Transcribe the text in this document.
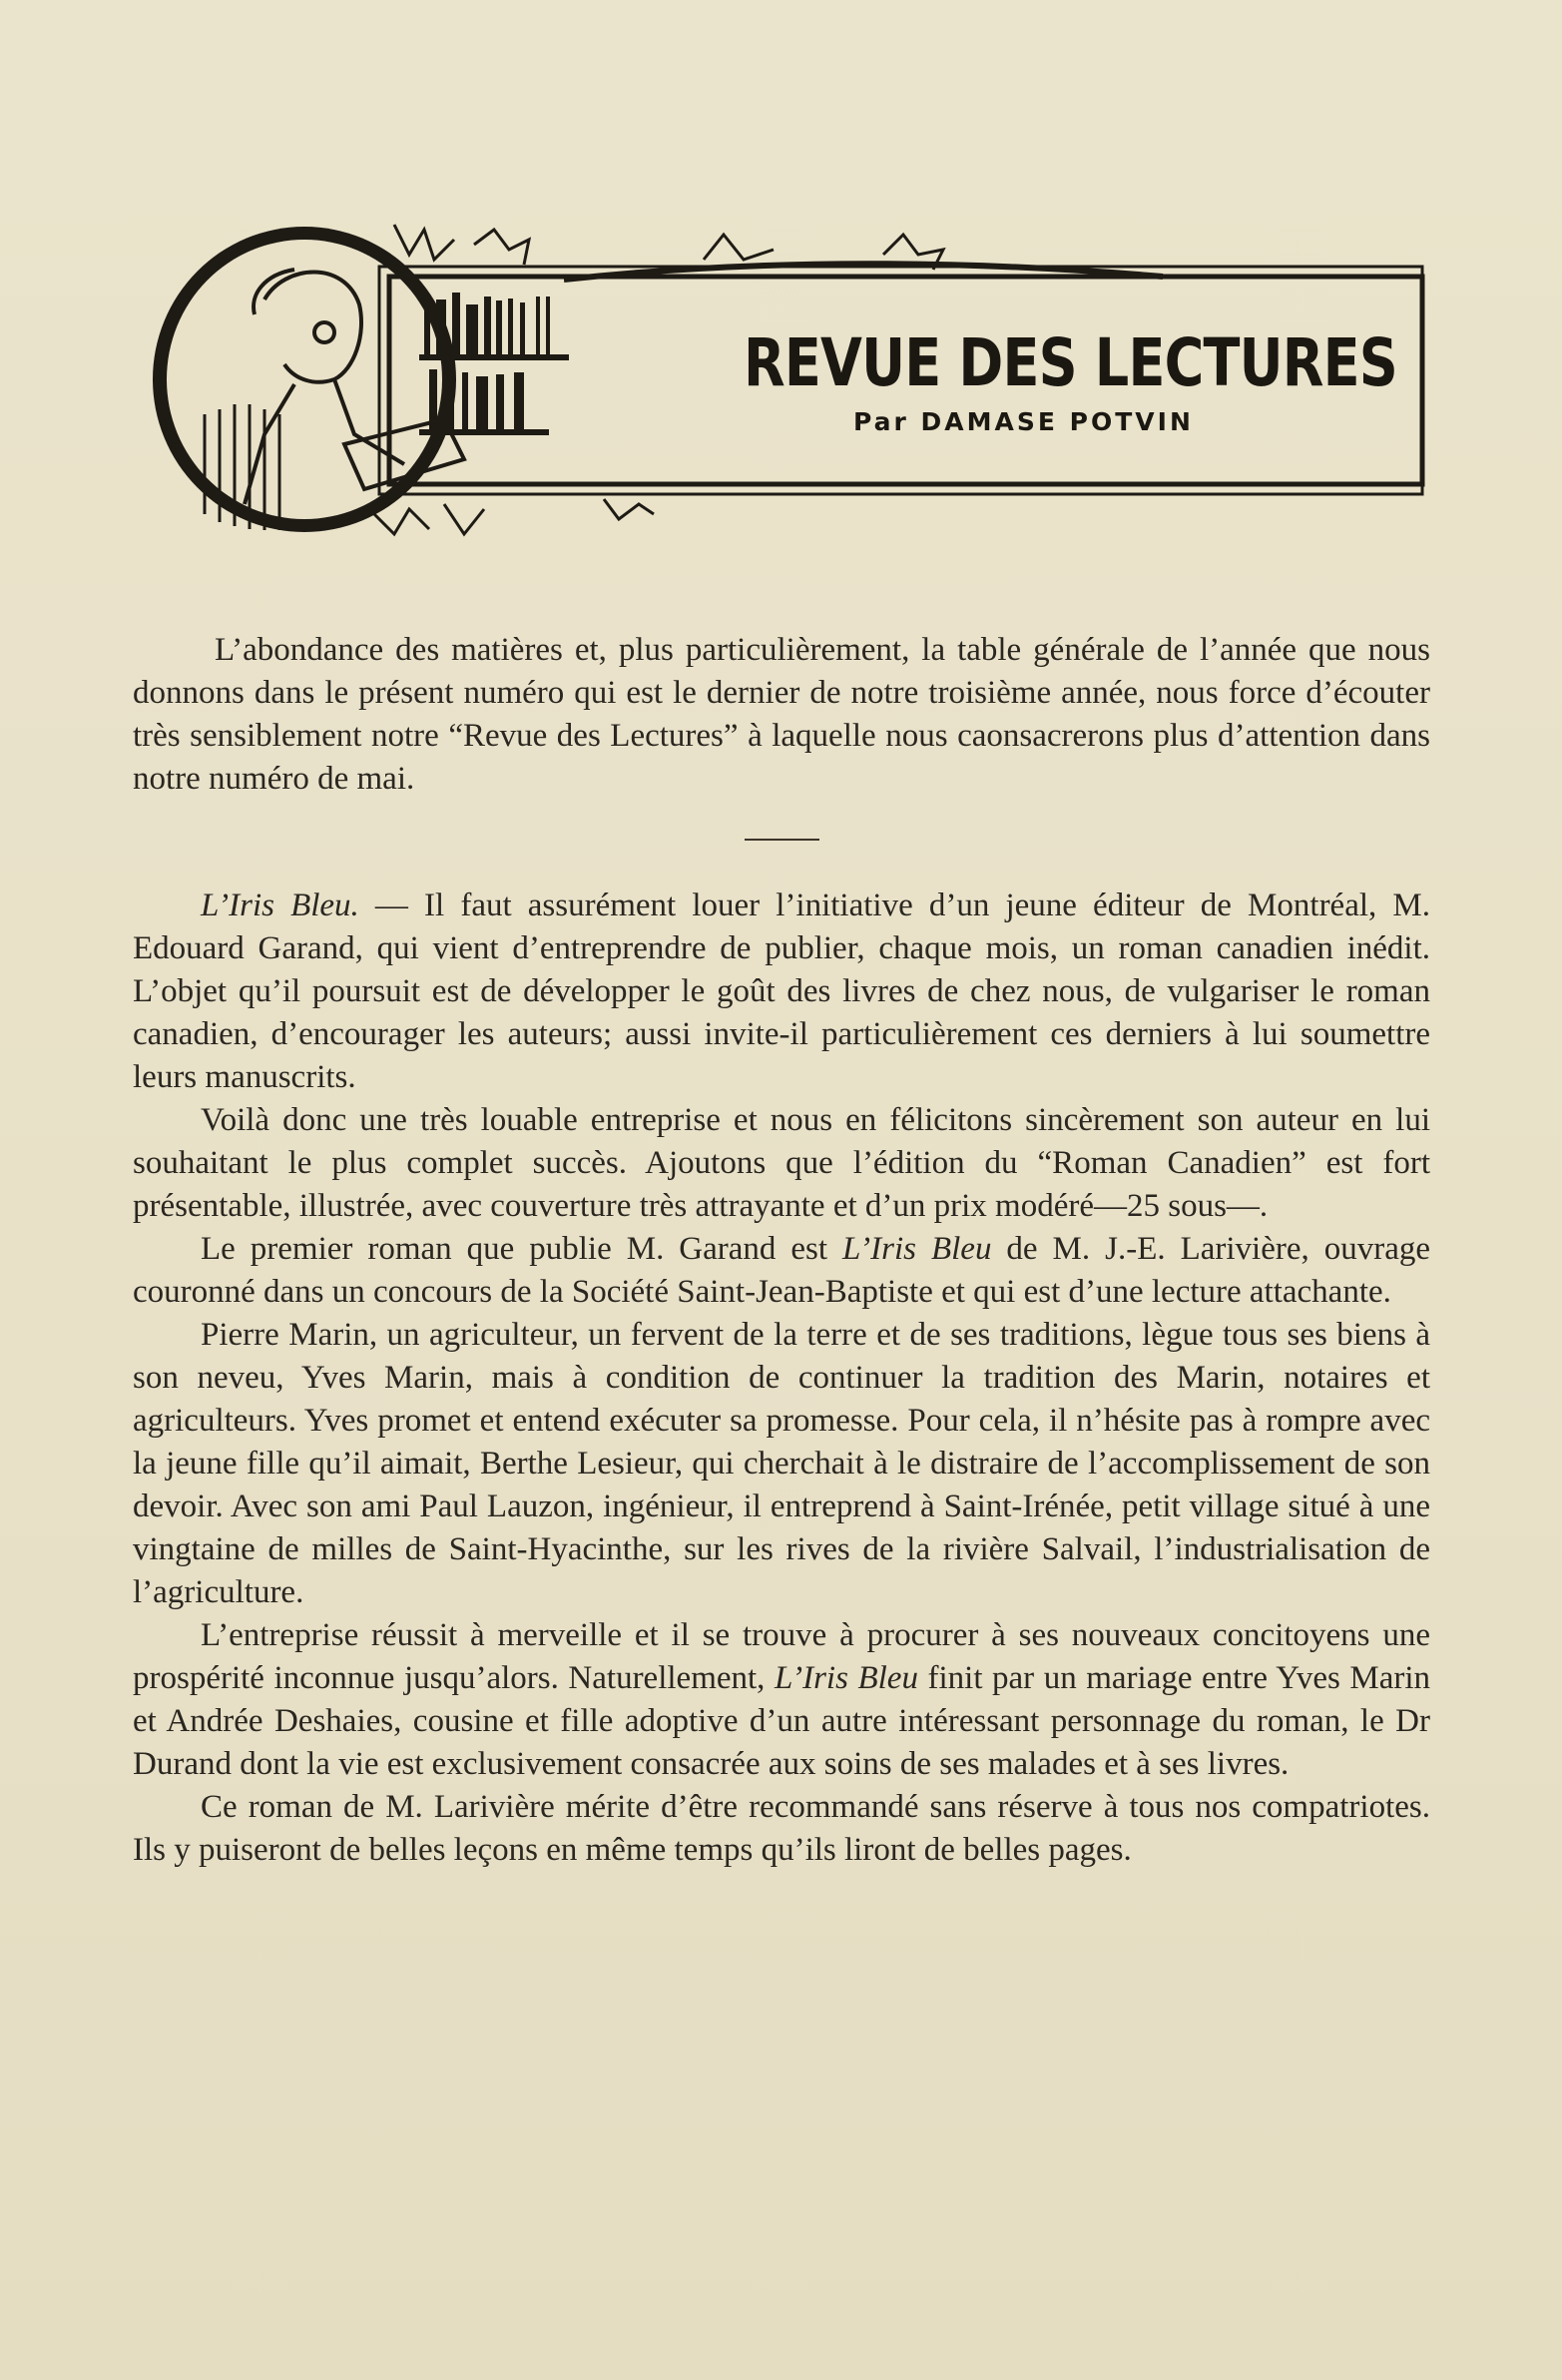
REVUE DES LECTURES
Par DAMASE POTVIN

L’abondance des matières et, plus particulièrement, la table générale de l’année que nous donnons dans le présent numéro qui est le dernier de notre troisième année, nous force d’écouter très sensiblement notre “Revue des Lectures” à laquelle nous caonsacrerons plus d’attention dans notre numéro de mai.

L’Iris Bleu. — Il faut assurément louer l’initiative d’un jeune éditeur de Montréal, M. Edouard Garand, qui vient d’entreprendre de publier, chaque mois, un roman canadien inédit. L’objet qu’il poursuit est de développer le goût des livres de chez nous, de vulgariser le roman canadien, d’encourager les auteurs; aussi invite-il particulièrement ces derniers à lui soumettre leurs manuscrits.

Voilà donc une très louable entreprise et nous en félicitons sincèrement son auteur en lui souhaitant le plus complet succès. Ajoutons que l’édition du “Roman Canadien” est fort présentable, illustrée, avec couverture très attrayante et d’un prix modéré—25 sous—.

Le premier roman que publie M. Garand est L’Iris Bleu de M. J.-E. Larivière, ouvrage couronné dans un concours de la Société Saint-Jean-Baptiste et qui est d’une lecture attachante.

Pierre Marin, un agriculteur, un fervent de la terre et de ses traditions, lègue tous ses biens à son neveu, Yves Marin, mais à condition de continuer la tradition des Marin, notaires et agriculteurs. Yves promet et entend exécuter sa promesse. Pour cela, il n’hésite pas à rompre avec la jeune fille qu’il aimait, Berthe Lesieur, qui cherchait à le distraire de l’accomplissement de son devoir. Avec son ami Paul Lauzon, ingénieur, il entreprend à Saint-Irénée, petit village situé à une vingtaine de milles de Saint-Hyacinthe, sur les rives de la rivière Salvail, l’industrialisation de l’agriculture.

L’entreprise réussit à merveille et il se trouve à procurer à ses nouveaux concitoyens une prospérité inconnue jusqu’alors. Naturellement, L’Iris Bleu finit par un mariage entre Yves Marin et Andrée Deshaies, cousine et fille adoptive d’un autre intéressant personnage du roman, le Dr Durand dont la vie est exclusivement consacrée aux soins de ses malades et à ses livres.

Ce roman de M. Larivière mérite d’être recommandé sans réserve à tous nos compatriotes. Ils y puiseront de belles leçons en même temps qu’ils liront de belles pages.
